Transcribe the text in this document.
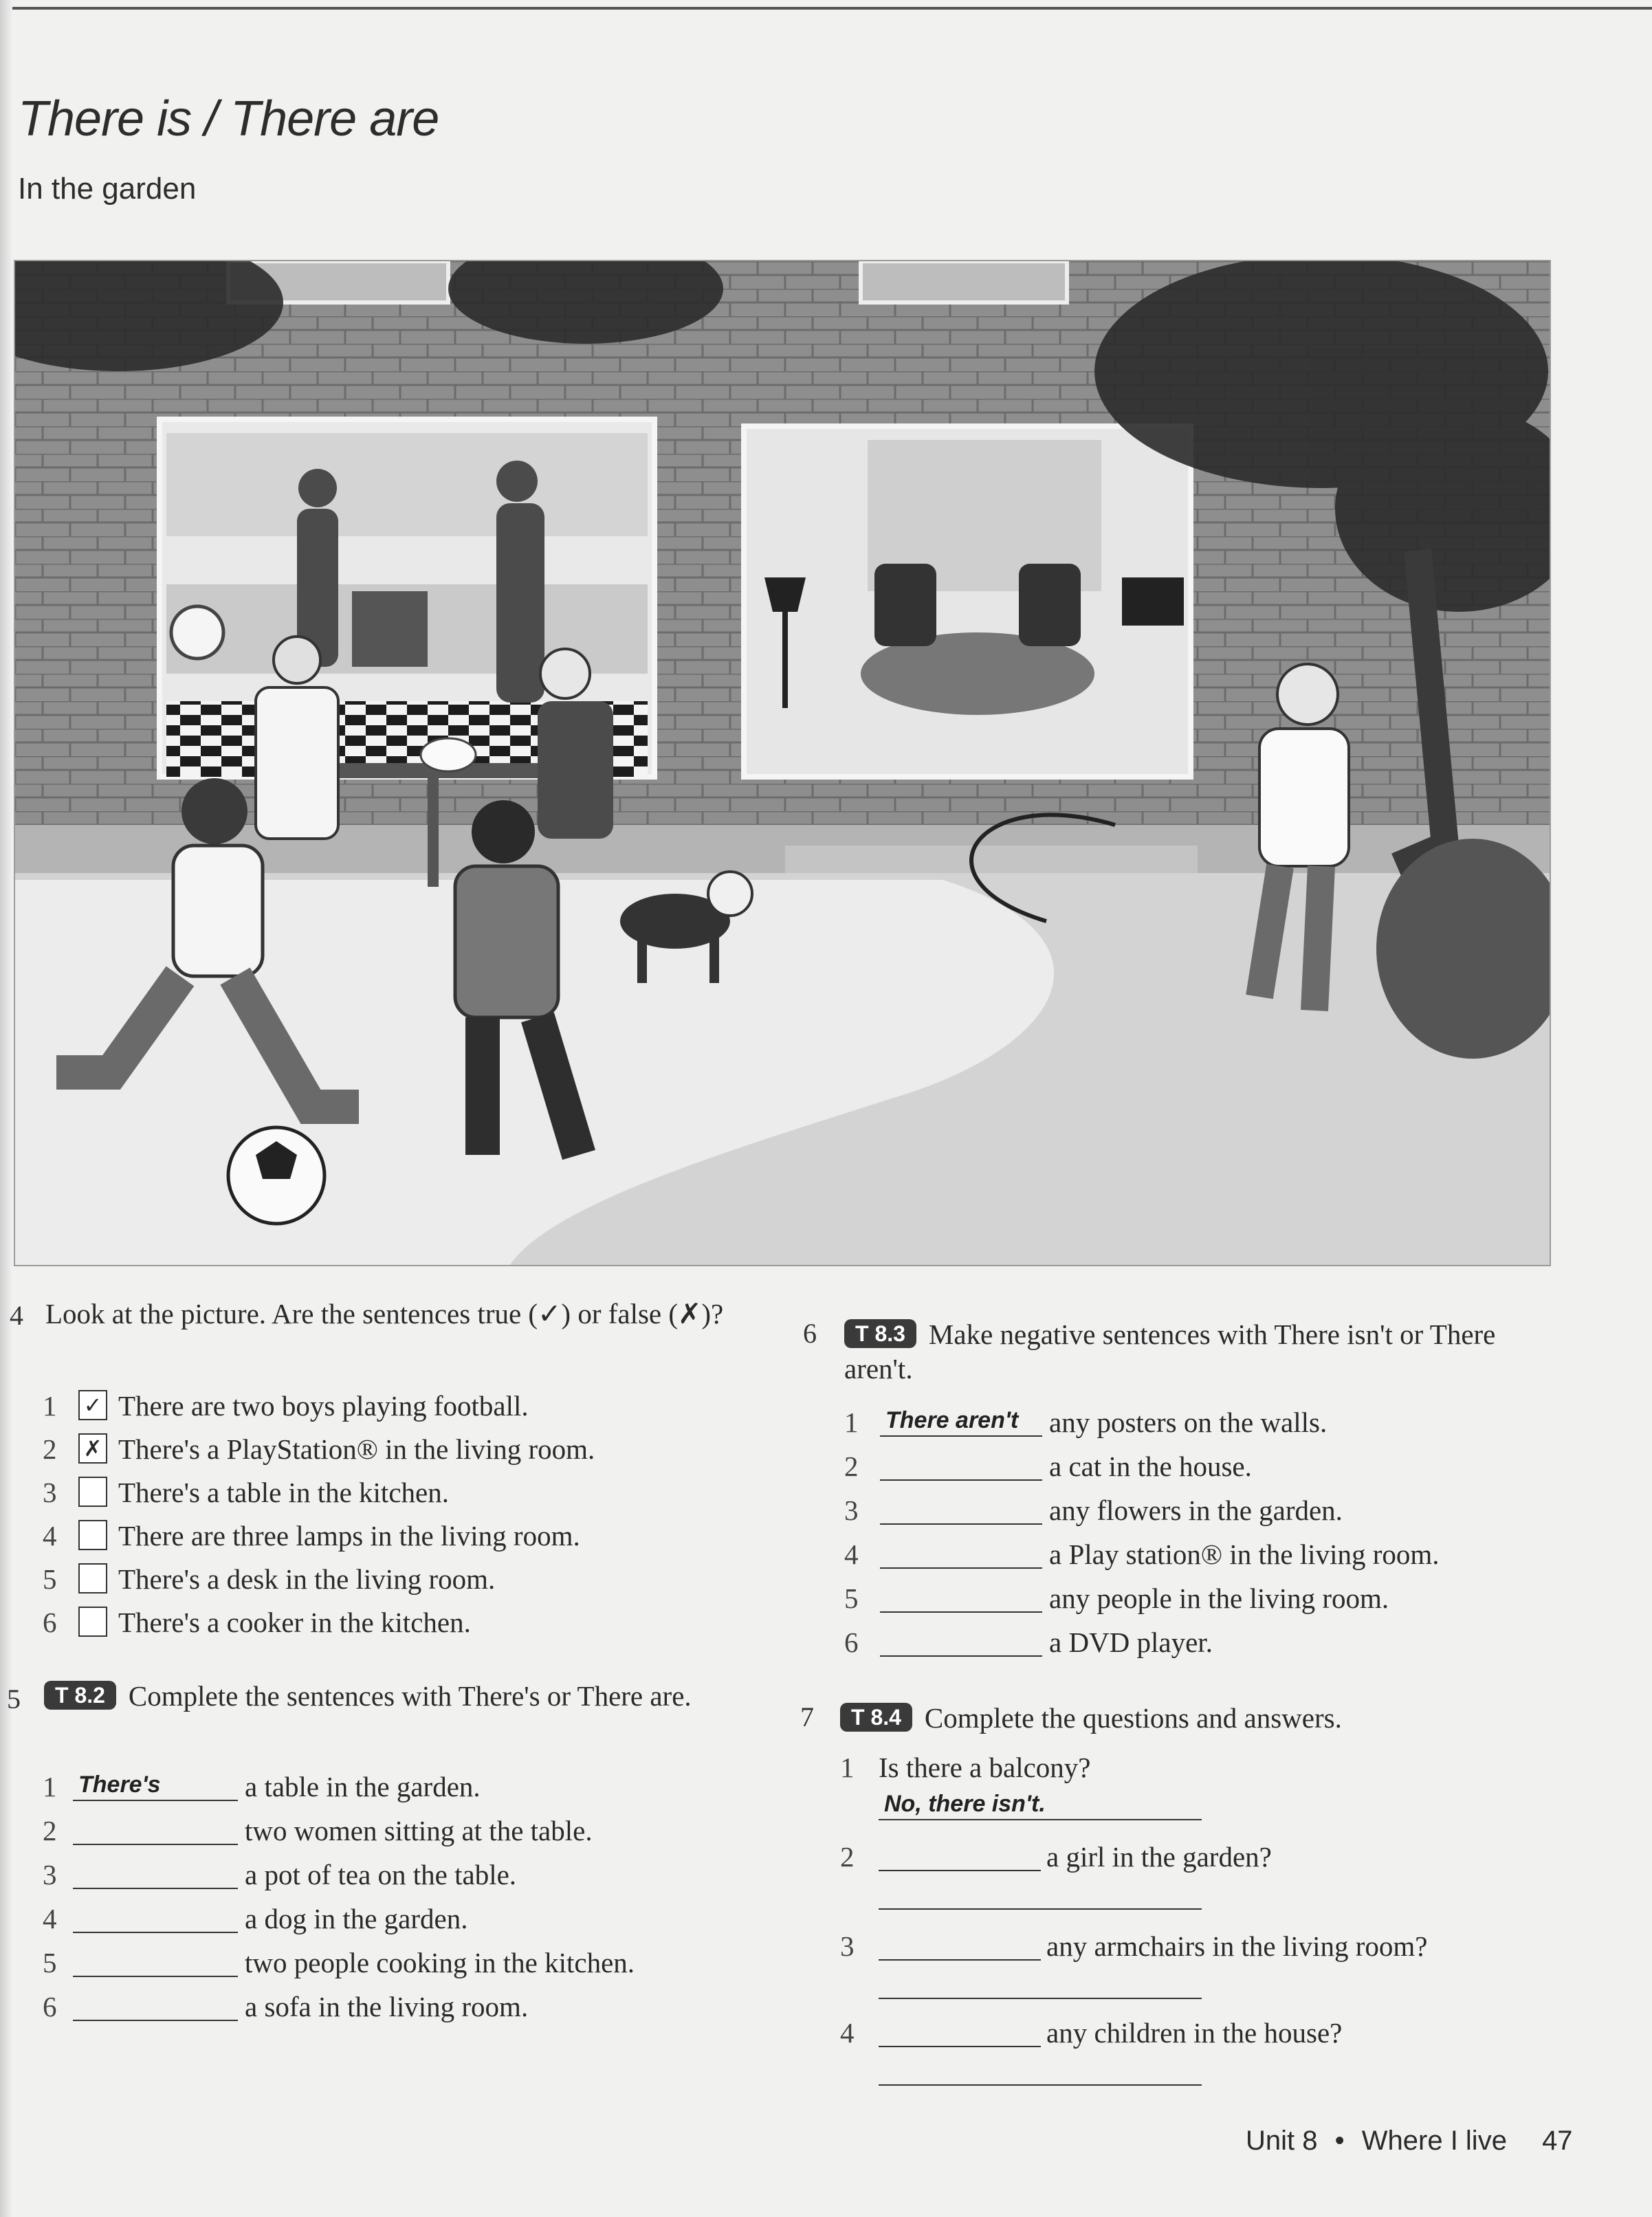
There is / There are
In the garden
4 Look at the picture. Are the sentences true (✓) or false (✗)?
1 ✓ There are two boys playing football.
2 ✗ There's a PlayStation® in the living room.
3 There's a table in the kitchen.
4 There are three lamps in the living room.
5 There's a desk in the living room.
6 There's a cooker in the kitchen.
5	T 8.2 Complete the sentences with There's or There are.
1 There's	a table in the garden.
2	two women sitting at the table.
3	a pot of tea on the table.
4	a dog in the garden.
5	two people cooking in the kitchen.
6	a sofa in the living room.
6	T 8.3 Make negative sentences with There isn't or There aren't.
1 There aren't	any posters on the walls.
2	a cat in the house.
3	any flowers in the garden.
4	a Play station® in the living room.
5	any people in the living room.
6	a DVD player.
7	T 8.4 Complete the questions and answers.
1 Is there a balcony?
No, there isn't.
2	a girl in the garden?
3	any armchairs in the living room?
4	any children in the house?
Unit 8 • Where I live 47
